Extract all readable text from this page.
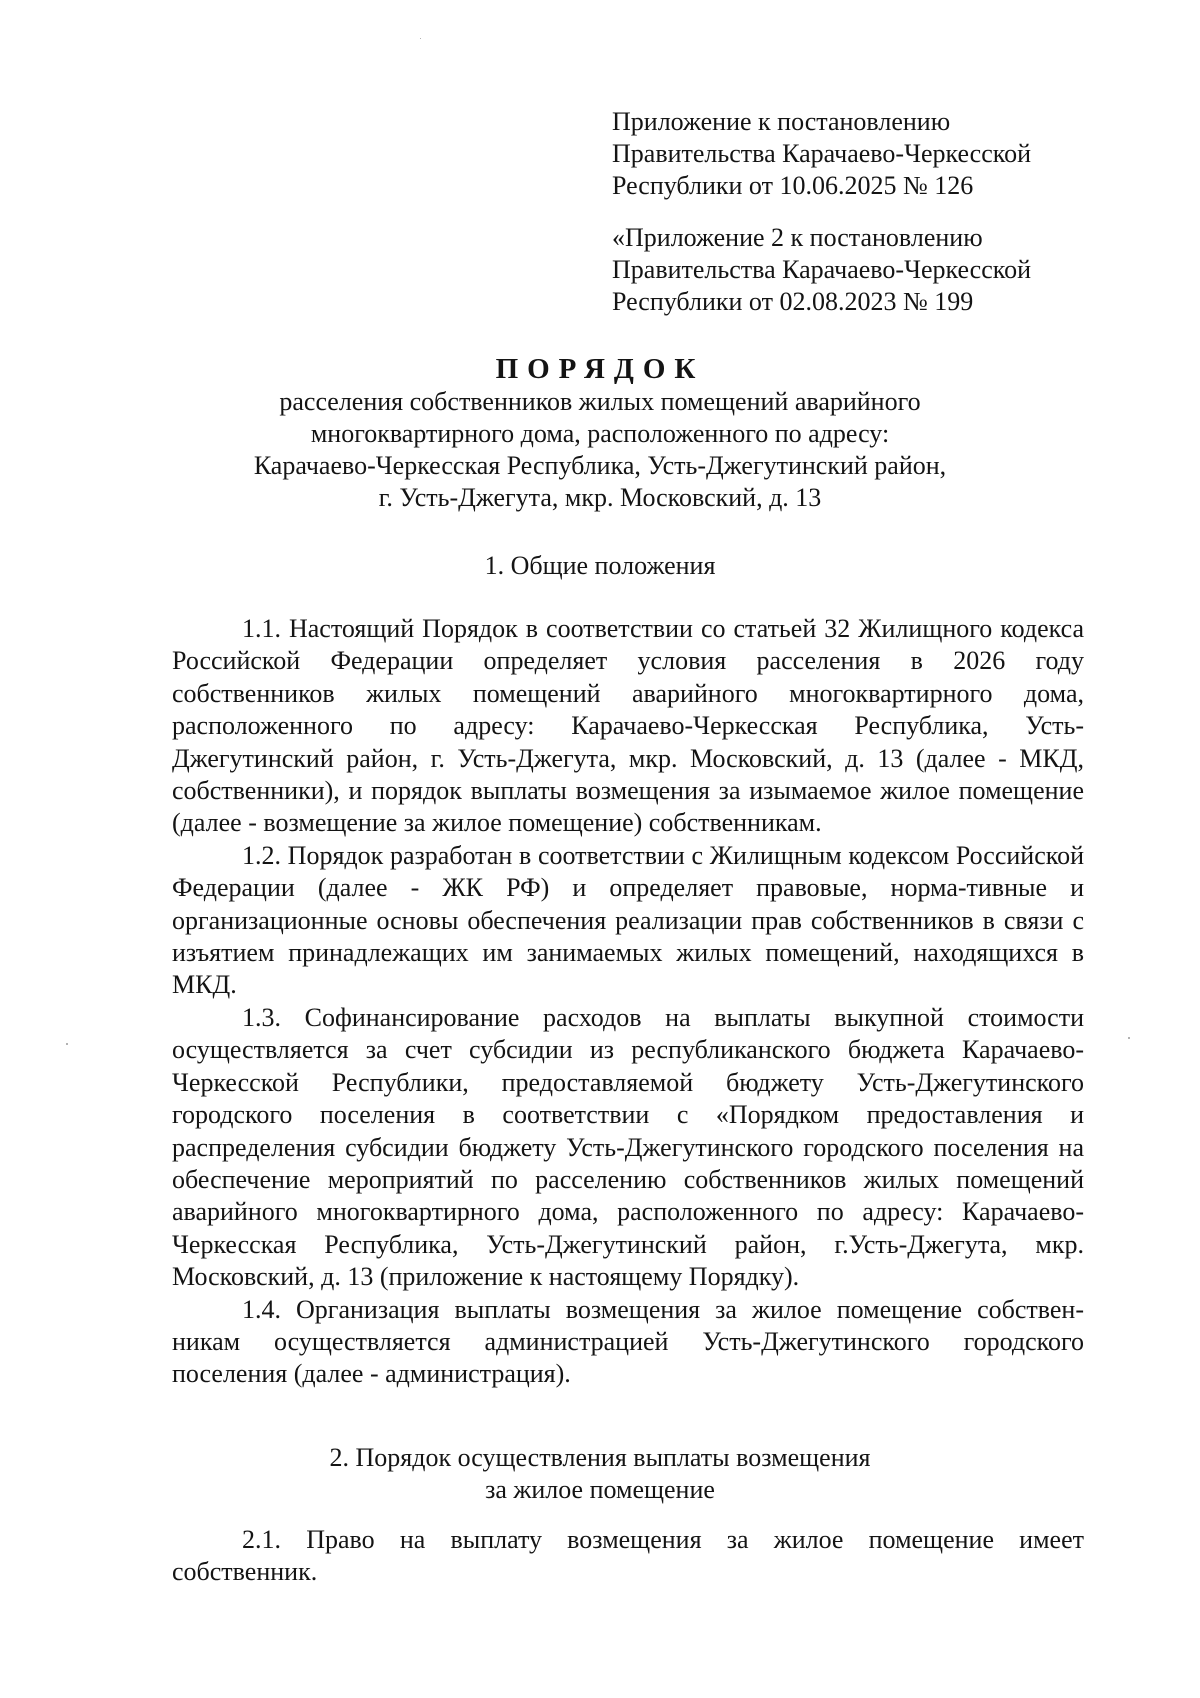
Приложение к постановлению
Правительства Карачаево-Черкесской
Республики от 10.06.2025 № 126
«Приложение 2 к постановлению
Правительства Карачаево-Черкесской
Республики от 02.08.2023 № 199
ПОРЯДОК
расселения собственников жилых помещений аварийного
многоквартирного дома, расположенного по адресу:
Карачаево-Черкесская Республика, Усть-Джегутинский район,
г. Усть-Джегута, мкр. Московский, д. 13
1. Общие положения

1.1. Настоящий Порядок в соответствии со статьей 32 Жилищного кодекса Российской Федерации определяет условия расселения в 2026 году собственников жилых помещений аварийного многоквартирного дома, расположенного по адресу: Карачаево-Черкесская Республика, Усть-Джегутинский район, г. Усть-Джегута, мкр. Московский, д. 13 (далее - МКД, собственники), и порядок выплаты возмещения за изымаемое жилое помещение (далее - возмещение за жилое помещение) собственникам.

1.2. Порядок разработан в соответствии с Жилищным кодексом Российской Федерации (далее - ЖК РФ) и определяет правовые, норма-тивные и организационные основы обеспечения реализации прав собственников в связи с изъятием принадлежащих им занимаемых жилых помещений, находящихся в МКД.

1.3. Софинансирование расходов на выплаты выкупной стоимости осуществляется за счет субсидии из республиканского бюджета Карачаево-Черкесской Республики, предоставляемой бюджету Усть-Джегутинского городского поселения в соответствии с «Порядком предоставления и распределения субсидии бюджету Усть-Джегутинского городского поселения на обеспечение мероприятий по расселению собственников жилых помещений аварийного многоквартирного дома, расположенного по адресу: Карачаево-Черкесская Республика, Усть-Джегутинский район, г.Усть-Джегута, мкр. Московский, д. 13 (приложение к настоящему Порядку).

1.4. Организация выплаты возмещения за жилое помещение собствен-никам осуществляется администрацией Усть-Джегутинского городского поселения (далее - администрация).

2. Порядок осуществления выплаты возмещения
за жилое помещение

2.1. Право на выплату возмещения за жилое помещение имеет собственник.
